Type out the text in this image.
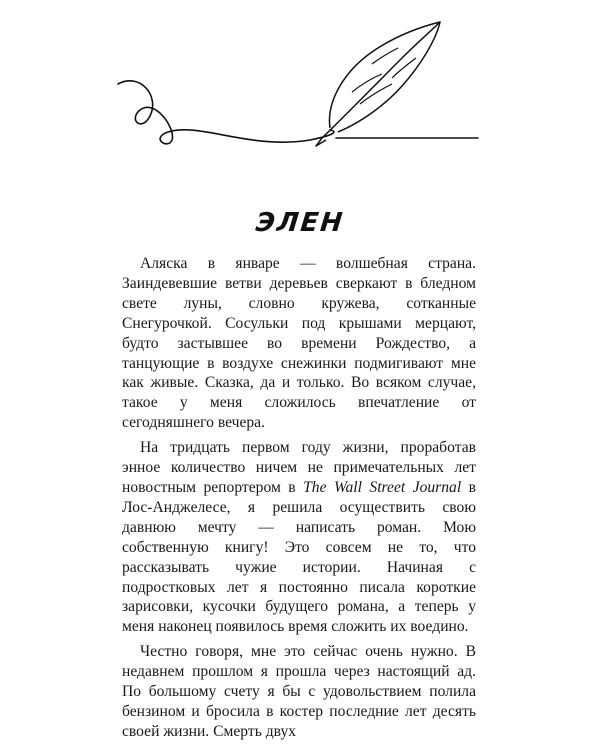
ЭЛЕН

Аляска в январе — волшебная страна. Заиндевевшие ветви деревьев сверкают в бледном свете луны, словно кружева, сотканные Снегурочкой. Сосульки под крышами мерцают, будто застывшее во времени Рождество, а танцующие в воздухе снежинки подмигивают мне как живые. Сказка, да и только. Во всяком случае, такое у меня сложилось впечатление от сегодняшнего вечера.

На тридцать первом году жизни, проработав энное количество ничем не примечательных лет новостным репортером в The Wall Street Journal в Лос-Анджелесе, я решила осуществить свою давнюю мечту — написать роман. Мою собственную книгу! Это совсем не то, что рассказывать чужие истории. Начиная с подростковых лет я постоянно писала короткие зарисовки, кусочки будущего романа, а теперь у меня наконец появилось время сложить их воедино.

Честно говоря, мне это сейчас очень нужно. В недавнем прошлом я прошла через настоящий ад. По большому счету я бы с удовольствием полила бензином и бросила в костер последние лет десять своей жизни. Смерть двух
